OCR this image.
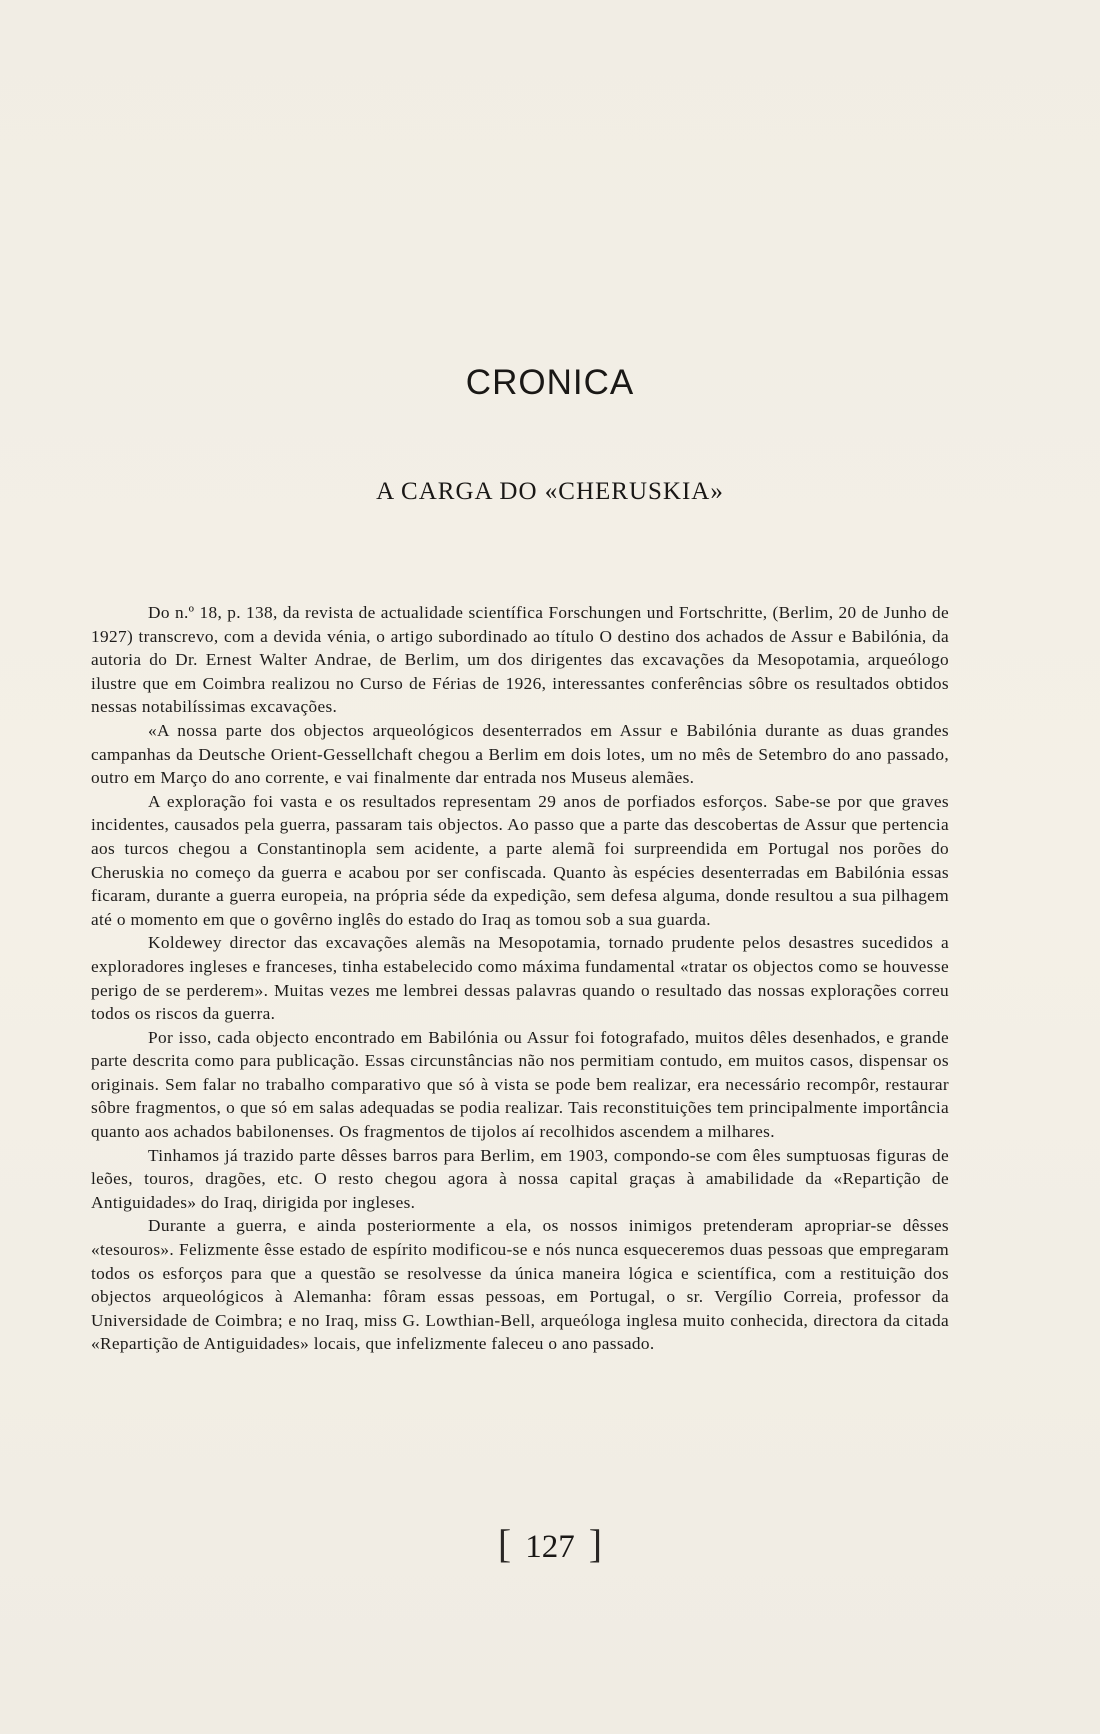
CRONICA
A CARGA DO «CHERUSKIA»

Do n.º 18, p. 138, da revista de actualidade scientífica Forschungen und Fortschritte, (Berlim, 20 de Junho de 1927) transcrevo, com a devida vénia, o artigo subordinado ao título O destino dos achados de Assur e Babilónia, da autoria do Dr. Ernest Walter Andrae, de Berlim, um dos dirigentes das excavações da Mesopotamia, arqueólogo ilustre que em Coimbra realizou no Curso de Férias de 1926, interessantes conferências sôbre os resultados obtidos nessas notabilíssimas excavações.

«A nossa parte dos objectos arqueológicos desenterrados em Assur e Babilónia durante as duas grandes campanhas da Deutsche Orient-Gessellchaft chegou a Berlim em dois lotes, um no mês de Setembro do ano passado, outro em Março do ano corrente, e vai finalmente dar entrada nos Museus alemães.

A exploração foi vasta e os resultados representam 29 anos de porfiados esforços. Sabe-se por que graves incidentes, causados pela guerra, passaram tais objectos. Ao passo que a parte das descobertas de Assur que pertencia aos turcos chegou a Constantinopla sem acidente, a parte alemã foi surpreendida em Portugal nos porões do Cheruskia no começo da guerra e acabou por ser confiscada. Quanto às espécies desenterradas em Babilónia essas ficaram, durante a guerra europeia, na própria séde da expedição, sem defesa alguma, donde resultou a sua pilhagem até o momento em que o govêrno inglês do estado do Iraq as tomou sob a sua guarda.

Koldewey director das excavações alemãs na Mesopotamia, tornado prudente pelos desastres sucedidos a exploradores ingleses e franceses, tinha estabelecido como máxima fundamental «tratar os objectos como se houvesse perigo de se perderem». Muitas vezes me lembrei dessas palavras quando o resultado das nossas explorações correu todos os riscos da guerra.

Por isso, cada objecto encontrado em Babilónia ou Assur foi fotografado, muitos dêles desenhados, e grande parte descrita como para publicação. Essas circunstâncias não nos permitiam contudo, em muitos casos, dispensar os originais. Sem falar no trabalho comparativo que só à vista se pode bem realizar, era necessário recompôr, restaurar sôbre fragmentos, o que só em salas adequadas se podia realizar. Tais reconstituições tem principalmente importância quanto aos achados babilonenses. Os fragmentos de tijolos aí recolhidos ascendem a milhares.

Tinhamos já trazido parte dêsses barros para Berlim, em 1903, compondo-se com êles sumptuosas figuras de leões, touros, dragões, etc. O resto chegou agora à nossa capital graças à amabilidade da «Repartição de Antiguidades» do Iraq, dirigida por ingleses.

Durante a guerra, e ainda posteriormente a ela, os nossos inimigos pretenderam apropriar-se dêsses «tesouros». Felizmente êsse estado de espírito modificou-se e nós nunca esqueceremos duas pessoas que empregaram todos os esforços para que a questão se resolvesse da única maneira lógica e scientífica, com a restituição dos objectos arqueológicos à Alemanha: fôram essas pessoas, em Portugal, o sr. Vergílio Correia, professor da Universidade de Coimbra; e no Iraq, miss G. Lowthian-Bell, arqueóloga inglesa muito conhecida, directora da citada «Repartição de Antiguidades» locais, que infelizmente faleceu o ano passado.

[ 127 ]
